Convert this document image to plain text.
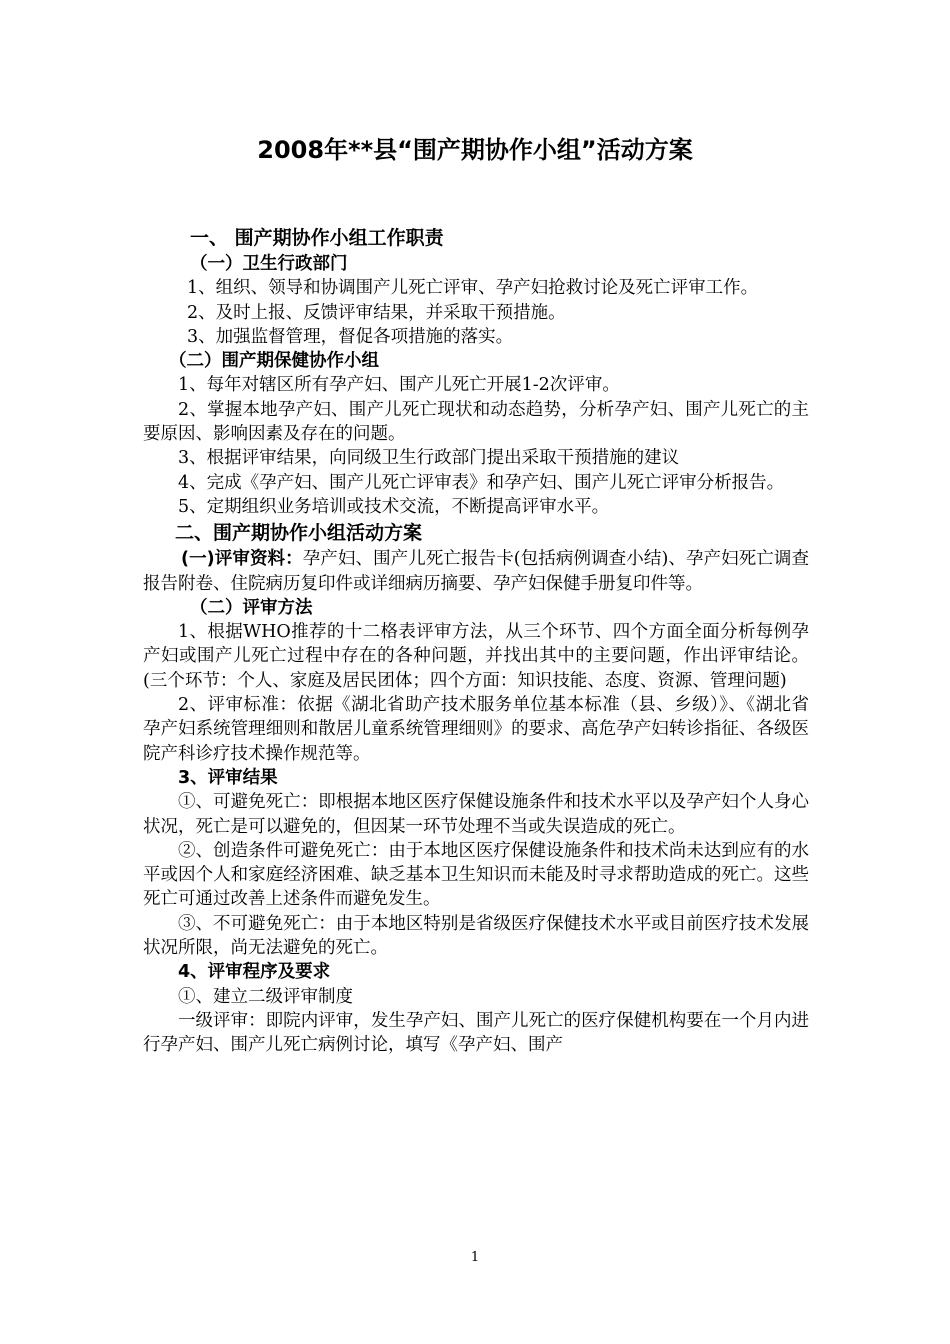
2008年**县“围产期协作小组”活动方案

一、 围产期协作小组工作职责

（一）卫生行政部门

1、组织、领导和协调围产儿死亡评审、孕产妇抢救讨论及死亡评审工作。

2、及时上报、反馈评审结果，并采取干预措施。

3、加强监督管理，督促各项措施的落实。

（二）围产期保健协作小组

1、每年对辖区所有孕产妇、围产儿死亡开展1-2次评审。

2、掌握本地孕产妇、围产儿死亡现状和动态趋势，分析孕产妇、围产儿死亡的主要原因、影响因素及存在的问题。

3、根据评审结果，向同级卫生行政部门提出采取干预措施的建议

4、完成《孕产妇、围产儿死亡评审表》和孕产妇、围产儿死亡评审分析报告。

5、定期组织业务培训或技术交流，不断提高评审水平。

二、围产期协作小组活动方案

(一)评审资料：孕产妇、围产儿死亡报告卡(包括病例调查小结)、孕产妇死亡调查报告附卷、住院病历复印件或详细病历摘要、孕产妇保健手册复印件等。

（二）评审方法

1、根据WHO推荐的十二格表评审方法，从三个环节、四个方面全面分析每例孕产妇或围产儿死亡过程中存在的各种问题，并找出其中的主要问题，作出评审结论。(三个环节：个人、家庭及居民团体；四个方面：知识技能、态度、资源、管理问题)

2、评审标准：依据《湖北省助产技术服务单位基本标准（县、乡级）》、《湖北省孕产妇系统管理细则和散居儿童系统管理细则》的要求、高危孕产妇转诊指征、各级医院产科诊疗技术操作规范等。

3、评审结果

①、可避免死亡：即根据本地区医疗保健设施条件和技术水平以及孕产妇个人身心状况，死亡是可以避免的，但因某一环节处理不当或失误造成的死亡。

②、创造条件可避免死亡：由于本地区医疗保健设施条件和技术尚未达到应有的水平或因个人和家庭经济困难、缺乏基本卫生知识而未能及时寻求帮助造成的死亡。这些死亡可通过改善上述条件而避免发生。

③、不可避免死亡：由于本地区特别是省级医疗保健技术水平或目前医疗技术发展状况所限，尚无法避免的死亡。

4、评审程序及要求

①、建立二级评审制度

一级评审：即院内评审，发生孕产妇、围产儿死亡的医疗保健机构要在一个月内进行孕产妇、围产儿死亡病例讨论，填写《孕产妇、围产

1
